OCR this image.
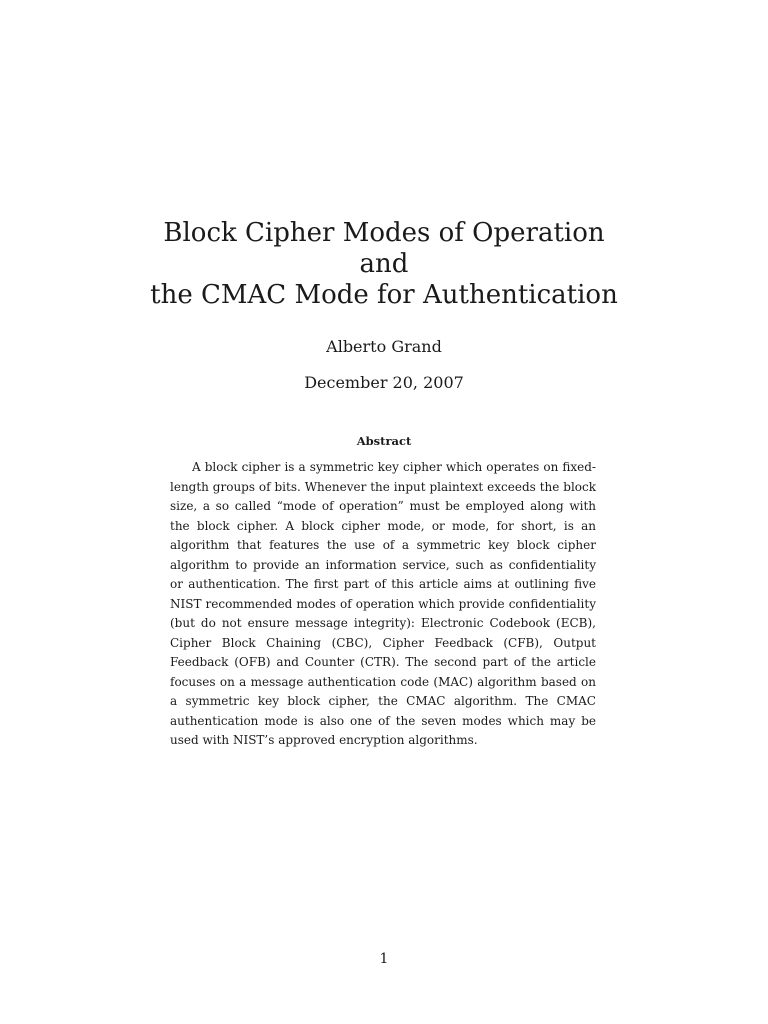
Block Cipher Modes of Operation
and
the CMAC Mode for Authentication
Alberto Grand
December 20, 2007
Abstract
A block cipher is a symmetric key cipher which operates on fixed-length groups of bits. Whenever the input plaintext exceeds the block size, a so called “mode of operation” must be employed along with the block cipher. A block cipher mode, or mode, for short, is an algorithm that features the use of a symmetric key block cipher algorithm to provide an information service, such as confidentiality or authentication. The first part of this article aims at outlining five NIST recommended modes of operation which provide confidentiality (but do not ensure message integrity): Electronic Codebook (ECB), Cipher Block Chaining (CBC), Cipher Feedback (CFB), Output Feedback (OFB) and Counter (CTR). The second part of the article focuses on a message authentication code (MAC) algorithm based on a symmetric key block cipher, the CMAC algorithm. The CMAC authentication mode is also one of the seven modes which may be used with NIST’s approved encryption algorithms.
1
